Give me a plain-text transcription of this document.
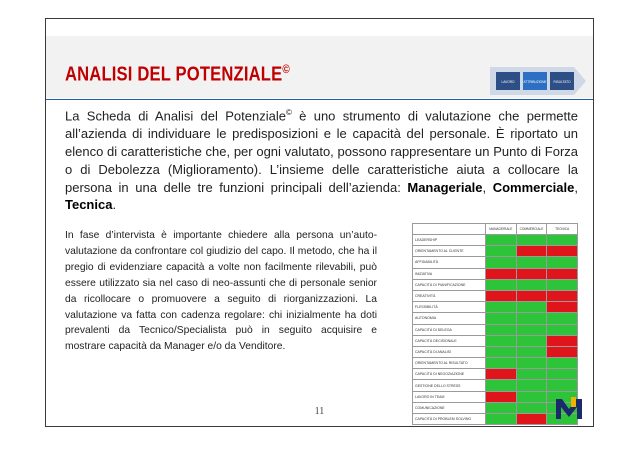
ANALISI DEL POTENZIALE©
LAVORO	ATTRIBUZIONE RISULTATO
La Scheda di Analisi del Potenziale© è uno strumento di valutazione che permette all’azienda di individuare le predisposizioni e le capacità del personale. È riportato un elenco di caratteristiche che, per ogni valutato, possono rappresentare un Punto di Forza o di Debolezza (Miglioramento). L’insieme delle caratteristiche aiuta a collocare la persona in una delle tre funzioni principali dell’azienda: Manageriale, Commerciale, Tecnica.
In fase d’intervista è importante chiedere alla persona un’auto-valutazione da confrontare col giudizio del capo. Il metodo, che ha il pregio di evidenziare capacità a volte non facilmente rilevabili, può essere utilizzato sia nel caso di neo-assunti che di personale senior da ricollocare o promuovere a seguito di riorganizzazioni. La valutazione va fatta con cadenza regolare: chi inizialmente ha doti prevalenti da Tecnico/Specialista può in seguito acquisire e mostrare capacità da Manager e/o da Venditore.
	MANAGERIALE	COMMERCIALE	TECNICA
LEADERSHIP			
ORIENTAMENTO AL CLIENTE			
AFFIDABILITÀ			
INIZIATIVA			
CAPACITÀ DI PIANIFICAZIONE			
CREATIVITÀ			
FLESSIBILITÀ			
AUTONOMIA			
CAPACITÀ DI DELEGA			
CAPACITÀ DECISIONALE			
CAPACITÀ DI ANALISI			
ORIENTAMENTO AL RISULTATO			
CAPACITÀ DI NEGOZIAZIONE			
GESTIONE DELLO STRESS			
LAVORO IN TEAM			
COMUNICAZIONE			
CAPACITÀ DI PROBLEM SOLVING			
11
